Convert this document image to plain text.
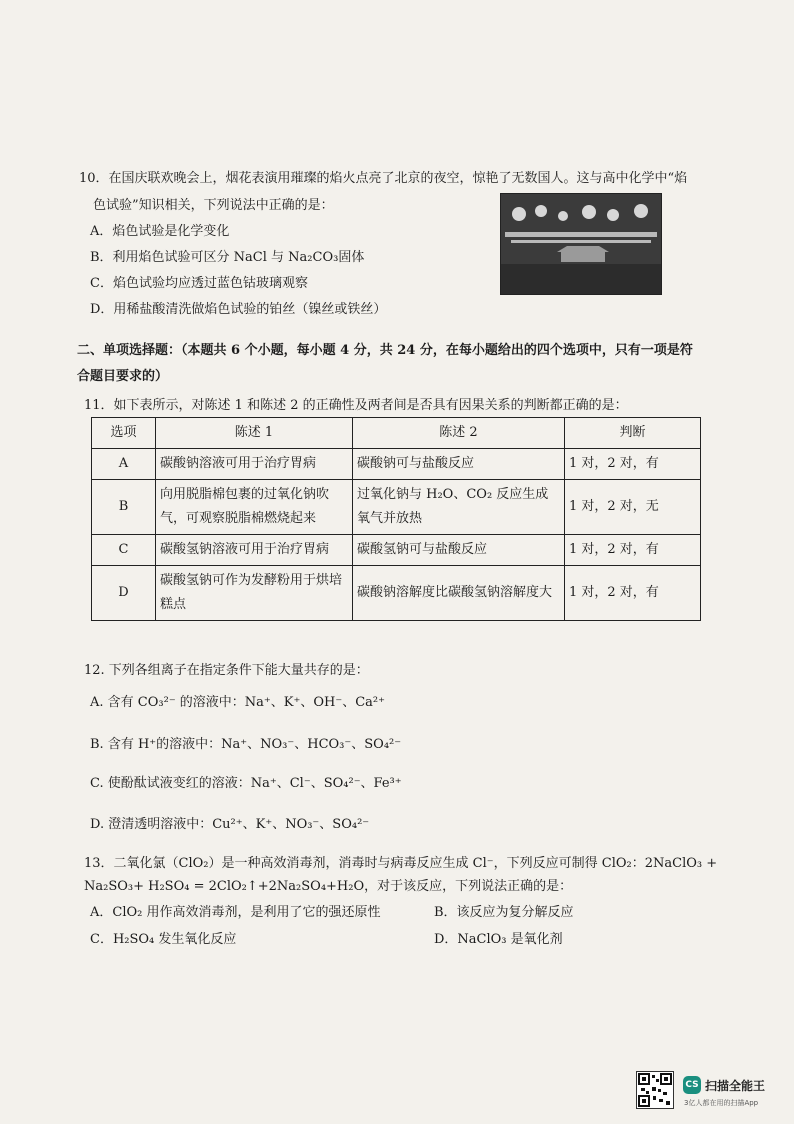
10．在国庆联欢晚会上，烟花表演用璀璨的焰火点亮了北京的夜空，惊艳了无数国人。这与高中化学中“焰
色试验”知识相关，下列说法中正确的是：
A．焰色试验是化学变化
B．利用焰色试验可区分 NaCl 与 Na₂CO₃固体
C．焰色试验均应透过蓝色钴玻璃观察
D．用稀盐酸清洗做焰色试验的铂丝（镍丝或铁丝）
二、单项选择题：（本题共 6 个小题，每小题 4 分，共 24 分，在每小题给出的四个选项中，只有一项是符
合题目要求的）
11．如下表所示，对陈述 1 和陈述 2 的正确性及两者间是否具有因果关系的判断都正确的是：
选项	陈述 1	陈述 2	判断
A	碳酸钠溶液可用于治疗胃病	碳酸钠可与盐酸反应	1 对，2 对，有
B	向用脱脂棉包裹的过氧化钠吹气，可观察脱脂棉燃烧起来	过氧化钠与 H₂O、CO₂ 反应生成氧气并放热	1 对，2 对，无
C	碳酸氢钠溶液可用于治疗胃病	碳酸氢钠可与盐酸反应	1 对，2 对，有
D	碳酸氢钠可作为发酵粉用于烘培糕点	碳酸钠溶解度比碳酸氢钠溶解度大	1 对，2 对，有
12. 下列各组离子在指定条件下能大量共存的是：
A. 含有 CO₃²⁻ 的溶液中：Na⁺、K⁺、OH⁻、Ca²⁺
B. 含有 H⁺的溶液中：Na⁺、NO₃⁻、HCO₃⁻、SO₄²⁻
C. 使酚酞试液变红的溶液：Na⁺、Cl⁻、SO₄²⁻、Fe³⁺
D. 澄清透明溶液中：Cu²⁺、K⁺、NO₃⁻、SO₄²⁻
13．二氧化氯（ClO₂）是一种高效消毒剂，消毒时与病毒反应生成 Cl⁻，下列反应可制得 ClO₂：2NaClO₃ +
Na₂SO₃+ H₂SO₄ = 2ClO₂↑+2Na₂SO₄+H₂O，对于该反应，下列说法正确的是：
A．ClO₂ 用作高效消毒剂，是利用了它的强还原性	B．该反应为复分解反应
C．H₂SO₄ 发生氧化反应	D．NaClO₃ 是氧化剂
CS 扫描全能王
3亿人都在用的扫描App
